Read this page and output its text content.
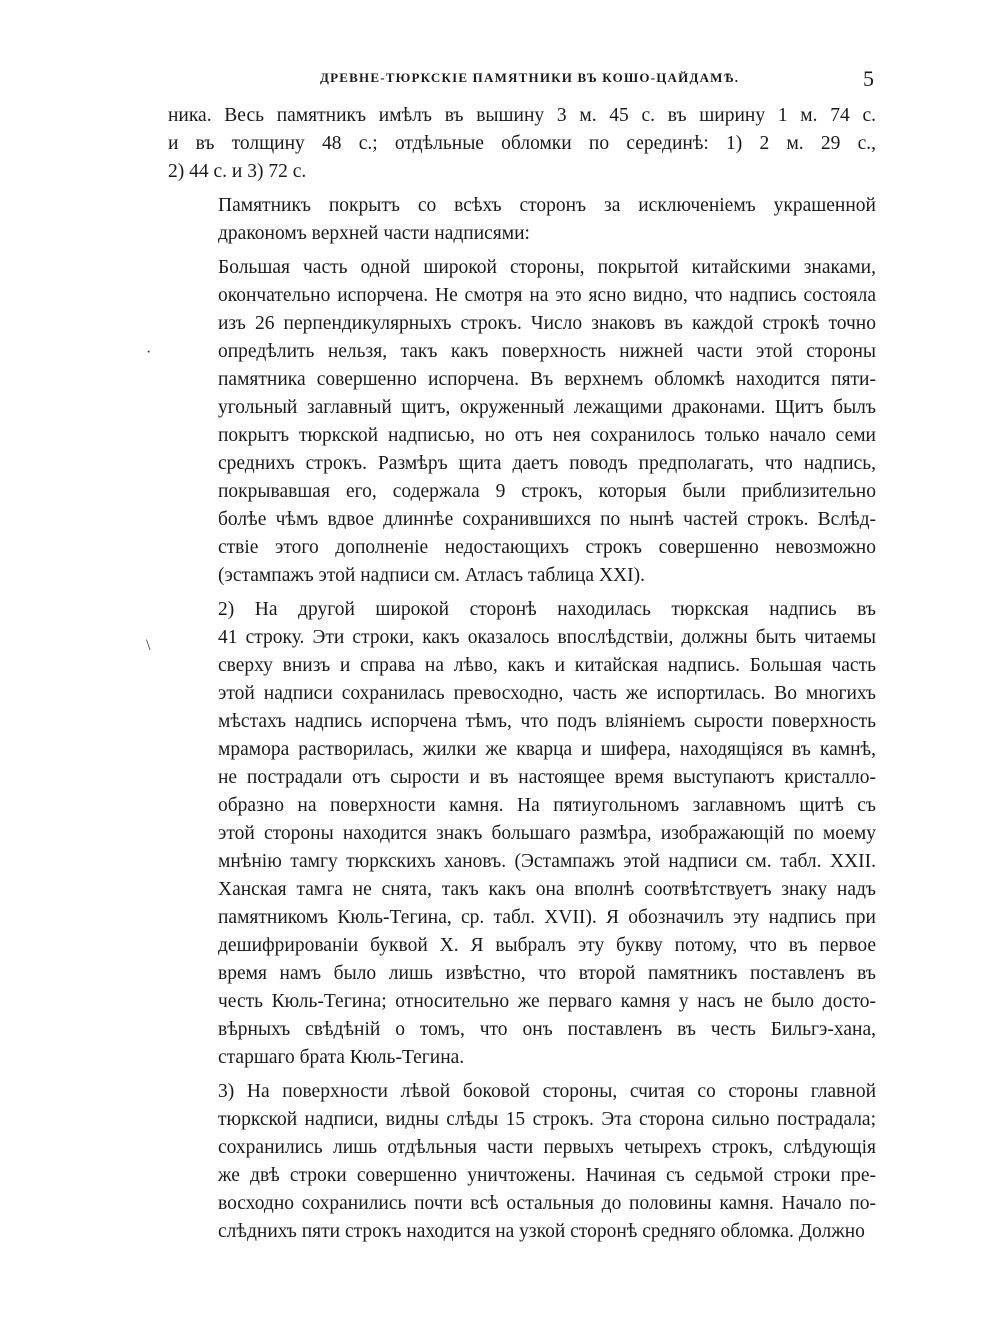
ДРЕВНЕ-ТЮРКСКІЕ ПАМЯТНИКИ ВЪ КОШО-ЦАЙДАМѢ.	5

ника. Весь памятникъ имѣлъ въ вышину 3 м. 45 с. въ ширину 1 м. 74 с.
и въ толщину 48 с.; отдѣльные обломки по серединѣ: 1) 2 м. 29 с.,
2) 44 с. и 3) 72 с.

Памятникъ покрытъ со всѣхъ сторонъ за исключеніемъ украшенной
дракономъ верхней части надписями:

Большая часть одной широкой стороны, покрытой китайскими знаками,
окончательно испорчена. Не смотря на это ясно видно, что надпись состояла
изъ 26 перпендикулярныхъ строкъ. Число знаковъ въ каждой строкѣ точно
опредѣлить нельзя, такъ какъ поверхность нижней части этой стороны
памятника совершенно испорчена. Въ верхнемъ обломкѣ находится пяти-
угольный заглавный щитъ, окруженный лежащими драконами. Щитъ былъ
покрытъ тюркской надписью, но отъ нея сохранилось только начало семи
среднихъ строкъ. Размѣръ щита даетъ поводъ предполагать, что надпись,
покрывавшая его, содержала 9 строкъ, которыя были приблизительно
болѣе чѣмъ вдвое длиннѣе сохранившихся по нынѣ частей строкъ. Вслѣд-
ствіе этого дополненіе недостающихъ строкъ совершенно невозможно
(эстампажъ этой надписи см. Атласъ таблица XXI).

2) На другой широкой сторонѣ находилась тюркская надпись въ
41 строку. Эти строки, какъ оказалось впослѣдствіи, должны быть читаемы
сверху внизъ и справа на лѣво, какъ и китайская надпись. Большая часть
этой надписи сохранилась превосходно, часть же испортилась. Во многихъ
мѣстахъ надпись испорчена тѣмъ, что подъ вліяніемъ сырости поверхность
мрамора растворилась, жилки же кварца и шифера, находящіяся въ камнѣ,
не пострадали отъ сырости и въ настоящее время выступаютъ кристалло-
образно на поверхности камня. На пятиугольномъ заглавномъ щитѣ съ
этой стороны находится знакъ большаго размѣра, изображающій по моему
мнѣнію тамгу тюркскихъ хановъ. (Эстампажъ этой надписи см. табл. XXII.
Ханская тамга не снята, такъ какъ она вполнѣ соотвѣтствуетъ знаку надъ
памятникомъ Кюль-Тегина, ср. табл. XVII). Я обозначилъ эту надпись при
дешифрированіи буквой X. Я выбралъ эту букву потому, что въ первое
время намъ было лишь извѣстно, что второй памятникъ поставленъ въ
честь Кюль-Тегина; относительно же перваго камня у насъ не было досто-
вѣрныхъ свѣдѣній о томъ, что онъ поставленъ въ честь Бильгэ-хана,
старшаго брата Кюль-Тегина.

3) На поверхности лѣвой боковой стороны, считая со стороны главной
тюркской надписи, видны слѣды 15 строкъ. Эта сторона сильно пострадала;
сохранились лишь отдѣльныя части первыхъ четырехъ строкъ, слѣдующія
же двѣ строки совершенно уничтожены. Начиная съ седьмой строки пре-
восходно сохранились почти всѣ остальныя до половины камня. Начало по-
слѣднихъ пяти строкъ находится на узкой сторонѣ средняго обломка. Должно

·
\
